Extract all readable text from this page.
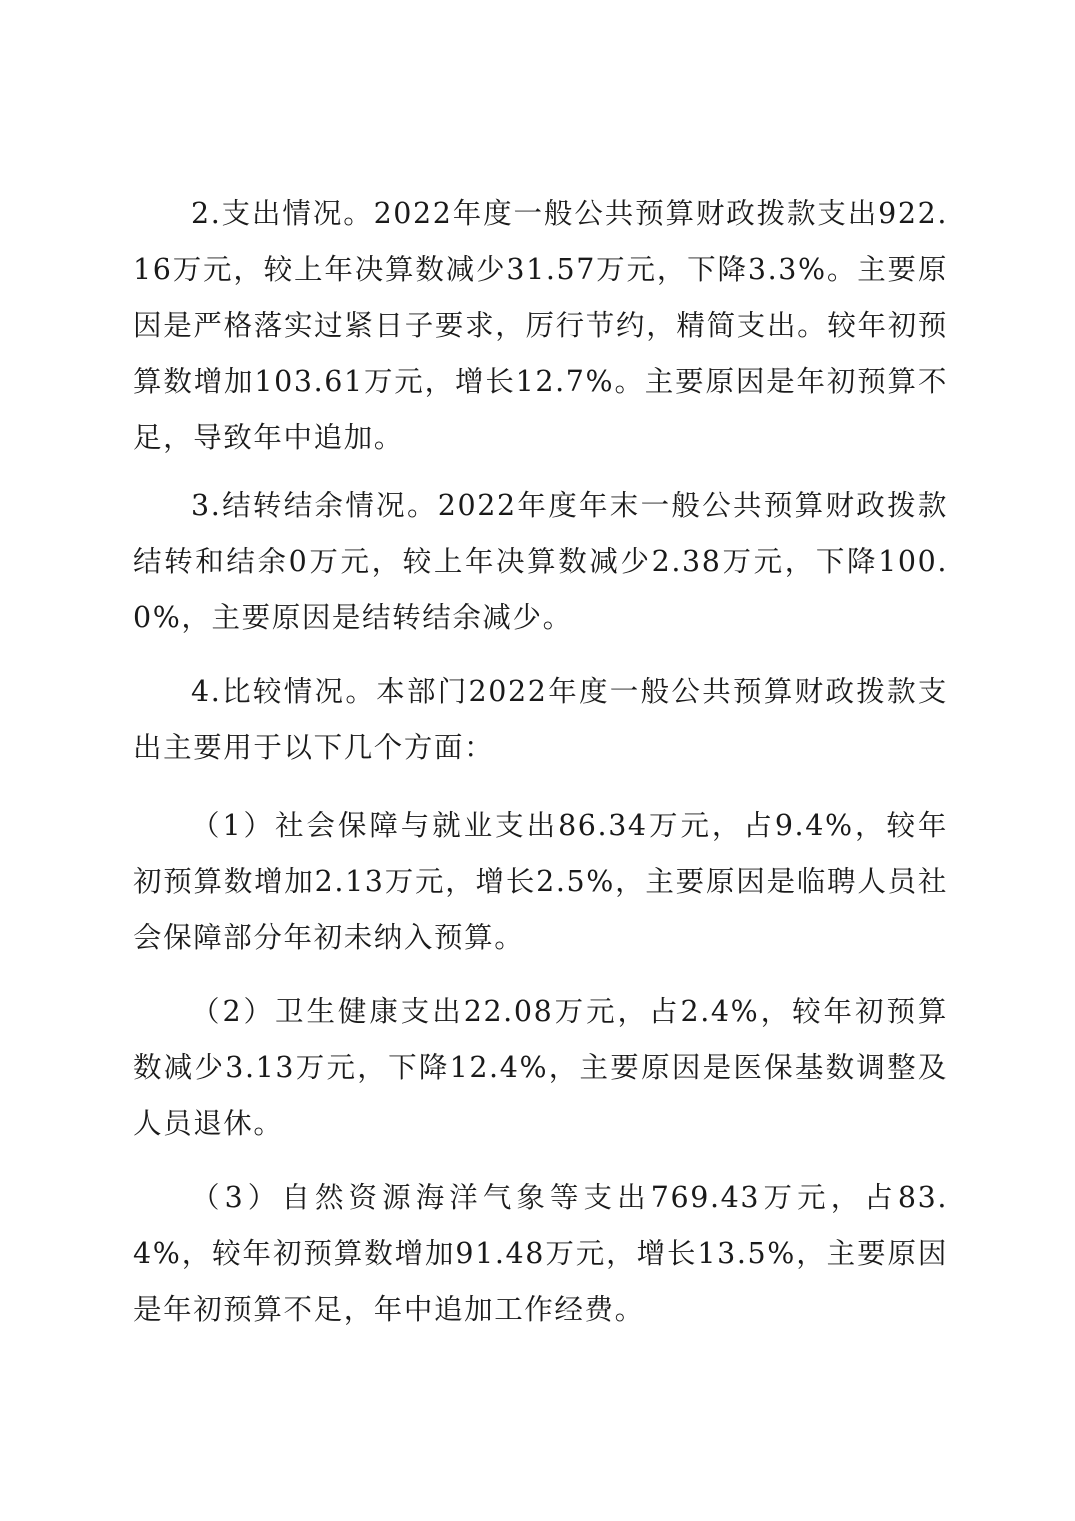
2.支出情况。2022年度一般公共预算财政拨款支出922.16万元，较上年决算数减少31.57万元，下降3.3%。主要原因是严格落实过紧日子要求，厉行节约，精简支出。较年初预算数增加103.61万元，增长12.7%。主要原因是年初预算不足，导致年中追加。

3.结转结余情况。2022年度年末一般公共预算财政拨款结转和结余0万元，较上年决算数减少2.38万元，下降100.0%，主要原因是结转结余减少。

4.比较情况。本部门2022年度一般公共预算财政拨款支出主要用于以下几个方面：

（1）社会保障与就业支出86.34万元，占9.4%，较年初预算数增加2.13万元，增长2.5%，主要原因是临聘人员社会保障部分年初未纳入预算。

（2）卫生健康支出22.08万元，占2.4%，较年初预算数减少3.13万元，下降12.4%，主要原因是医保基数调整及人员退休。

（3）自然资源海洋气象等支出769.43万元，占83.4%，较年初预算数增加91.48万元，增长13.5%，主要原因是年初预算不足，年中追加工作经费。
